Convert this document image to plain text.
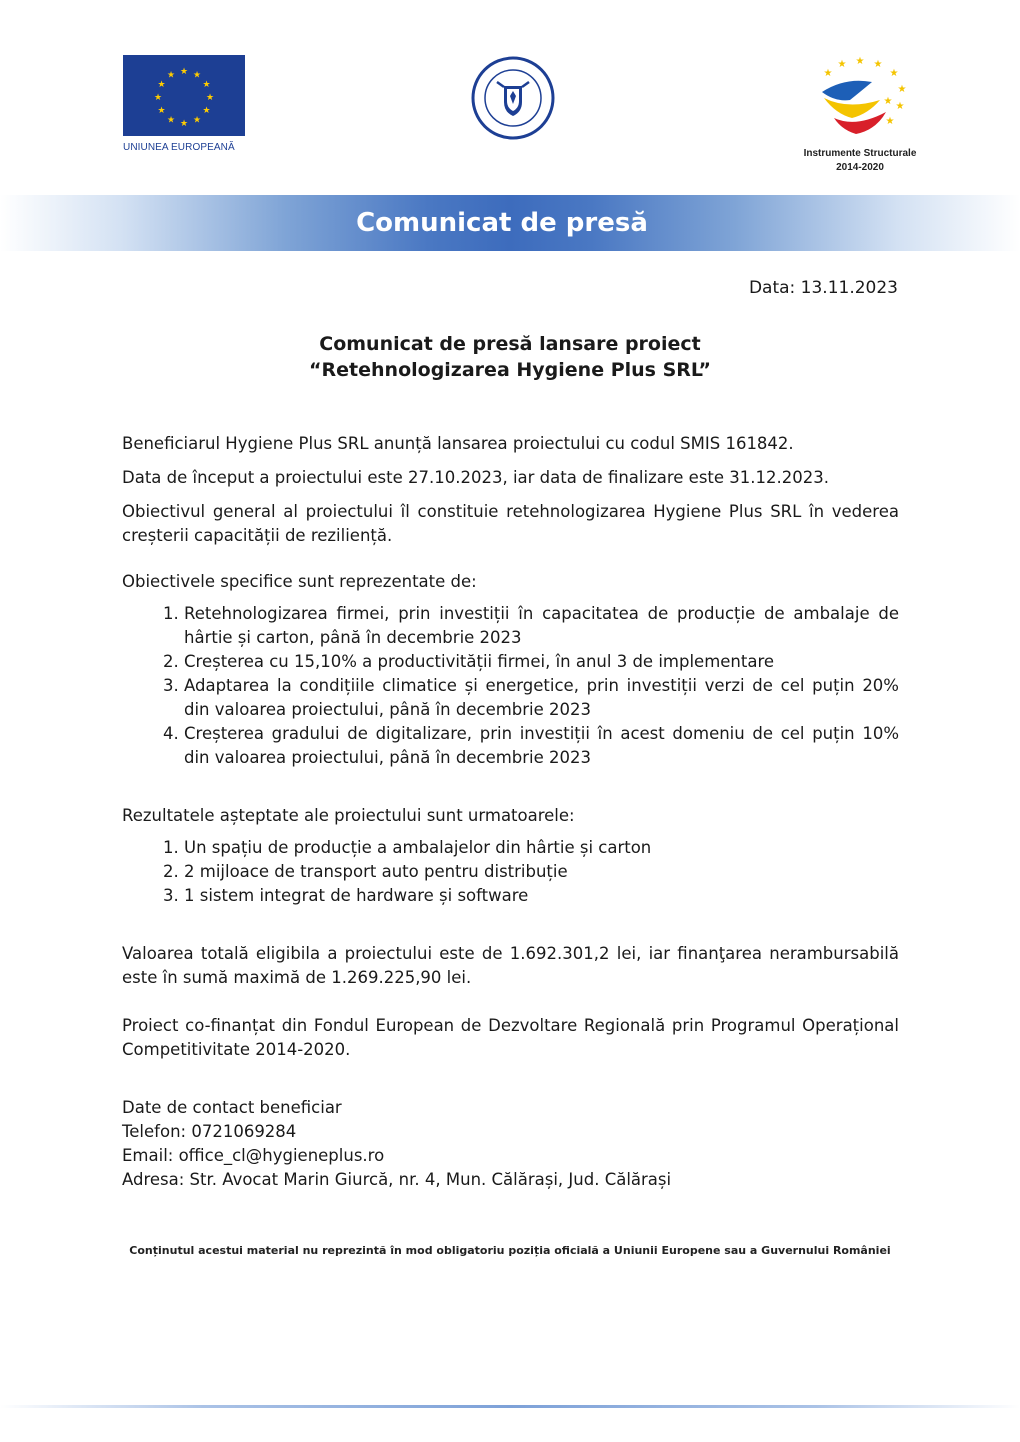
★ ★
★
★
★
★
★
★
★
★
★
★
UNIUNEA EUROPEANĂ
★ ★
★
★
★
★
★
★
★
Instrumente Structurale
2014-2020
Comunicat de presă
Data: 13.11.2023
Comunicat de presă lansare proiect
“Retehnologizarea Hygiene Plus SRL”

Beneficiarul Hygiene Plus SRL anunță lansarea proiectului cu codul SMIS 161842.

Data de început a proiectului este 27.10.2023, iar data de finalizare este 31.12.2023.

Obiectivul general al proiectului îl constituie retehnologizarea Hygiene Plus SRL în vederea creșterii capacității de reziliență.

Obiectivele specifice sunt reprezentate de:

1. Retehnologizarea firmei, prin investiții în capacitatea de producție de ambalaje de hârtie și carton, până în decembrie 2023
2. Creșterea cu 15,10% a productivității firmei, în anul 3 de implementare
3. Adaptarea la condițiile climatice și energetice, prin investiții verzi de cel puțin 20% din valoarea proiectului, până în decembrie 2023
4. Creșterea gradului de digitalizare, prin investiții în acest domeniu de cel puțin 10% din valoarea proiectului, până în decembrie 2023

Rezultatele așteptate ale proiectului sunt urmatoarele:

1. Un spațiu de producție a ambalajelor din hârtie și carton
2. 2 mijloace de transport auto pentru distribuție
3. 1 sistem integrat de hardware și software

Valoarea totală eligibila a proiectului este de 1.692.301,2 lei, iar finanţarea nerambursabilă este în sumă maximă de 1.269.225,90 lei.

Proiect co-finanțat din Fondul European de Dezvoltare Regională prin Programul Operațional Competitivitate 2014-2020.

Date de contact beneficiar

Telefon: 0721069284

Email: office_cl@hygieneplus.ro

Adresa: Str. Avocat Marin Giurcă, nr. 4, Mun. Călărași, Jud. Călărași

Conținutul acestui material nu reprezintă în mod obligatoriu poziția oficială a Uniunii Europene sau a Guvernului României
